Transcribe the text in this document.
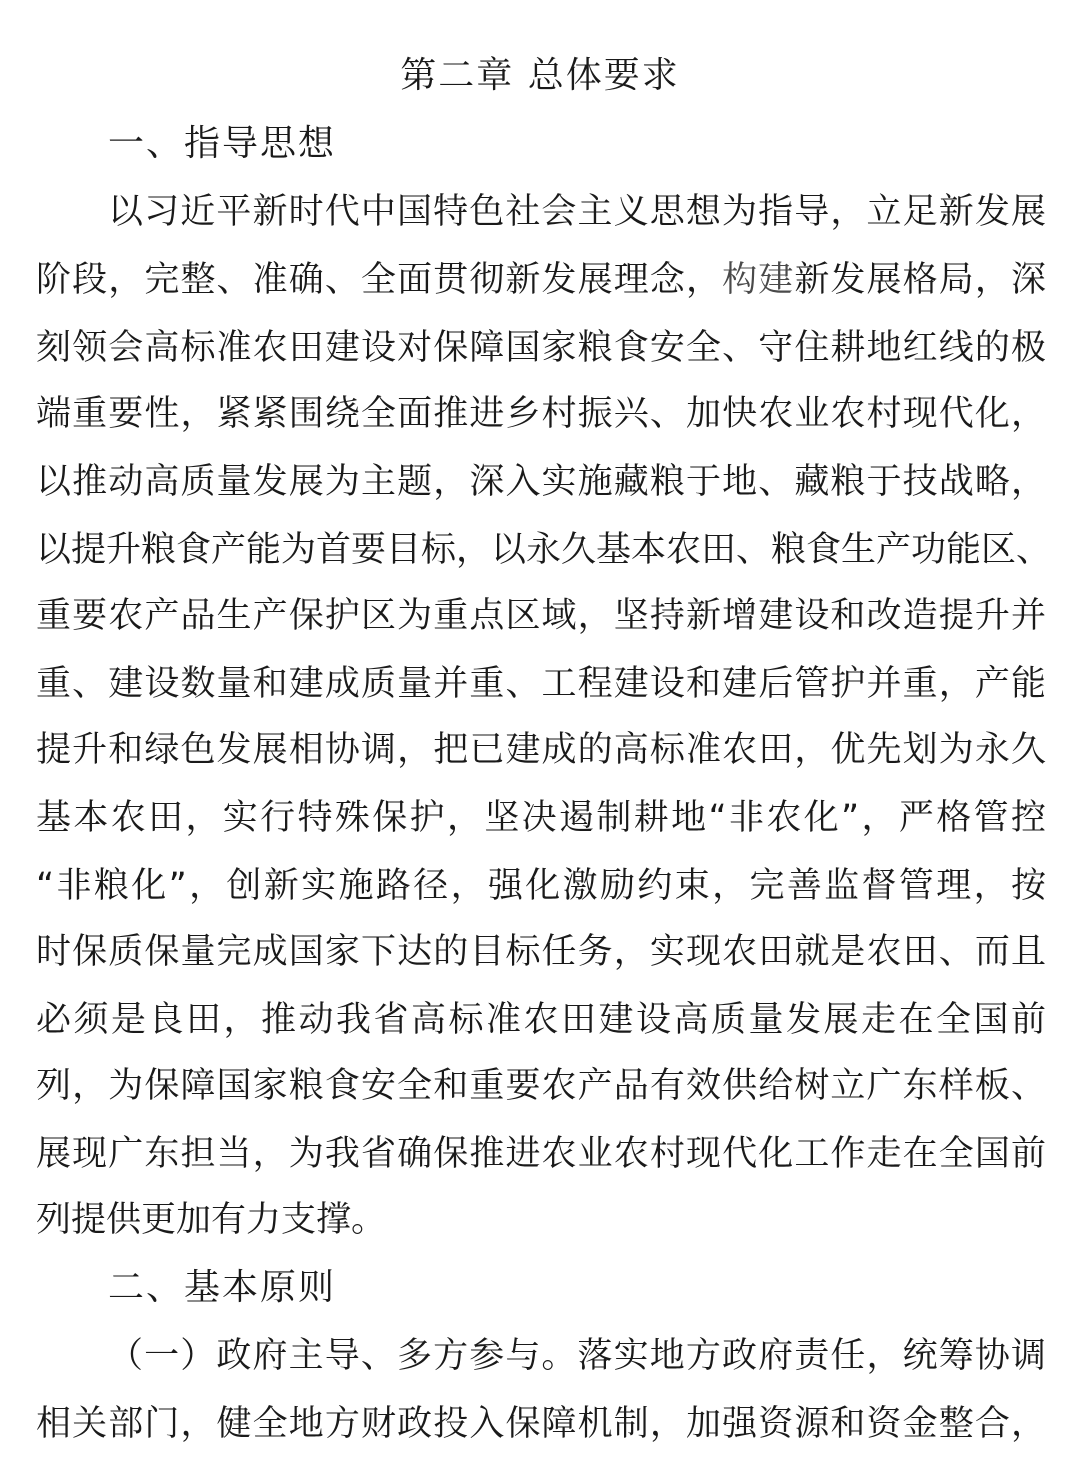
第二章 总体要求
一、指导思想
以习近平新时代中国特色社会主义思想为指导，立足新发展
阶段，完整、准确、全面贯彻新发展理念，构建新发展格局，深
刻领会高标准农田建设对保障国家粮食安全、守住耕地红线的极
端重要性，紧紧围绕全面推进乡村振兴、加快农业农村现代化，
以推动高质量发展为主题，深入实施藏粮于地、藏粮于技战略，
以提升粮食产能为首要目标，以永久基本农田、粮食生产功能区、
重要农产品生产保护区为重点区域，坚持新增建设和改造提升并
重、建设数量和建成质量并重、工程建设和建后管护并重，产能
提升和绿色发展相协调，把已建成的高标准农田，优先划为永久
基本农田，实行特殊保护，坚决遏制耕地“非农化”，严格管控
“非粮化”，创新实施路径，强化激励约束，完善监督管理，按
时保质保量完成国家下达的目标任务，实现农田就是农田、而且
必须是良田，推动我省高标准农田建设高质量发展走在全国前
列，为保障国家粮食安全和重要农产品有效供给树立广东样板、
展现广东担当，为我省确保推进农业农村现代化工作走在全国前
列提供更加有力支撑。
二、基本原则
（一）政府主导、多方参与。落实地方政府责任，统筹协调
相关部门，健全地方财政投入保障机制，加强资源和资金整合，
